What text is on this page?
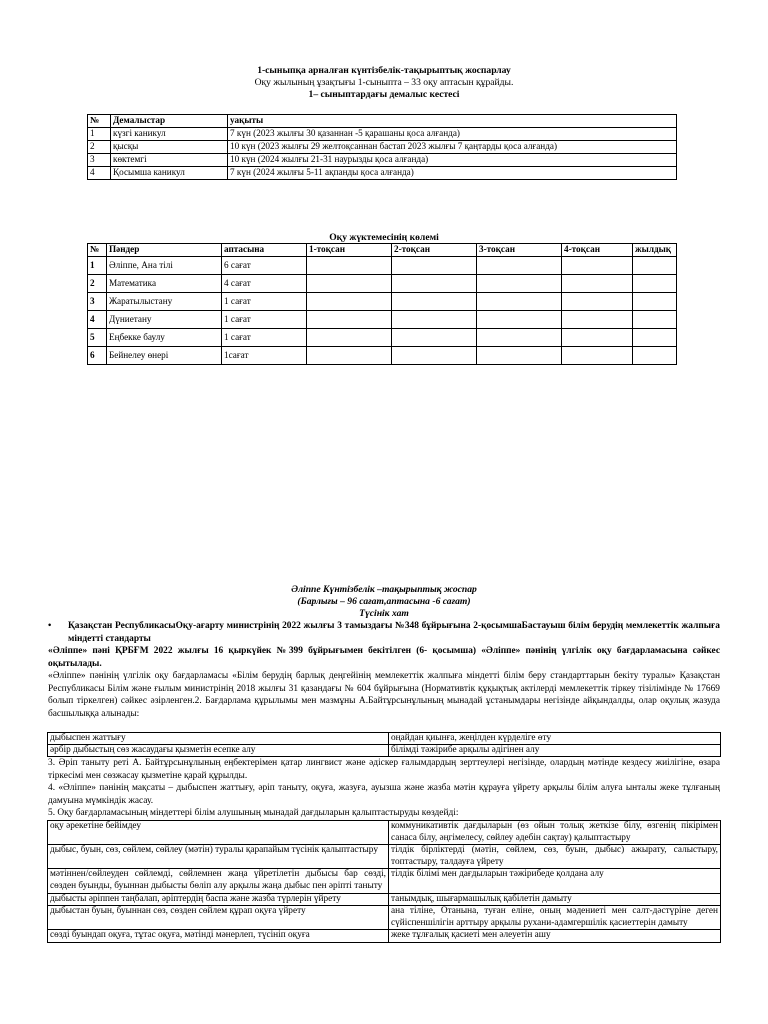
1-сыныпқа арналған күнтізбелік-тақырыптық жоспарлау
Оқу жылының ұзақтығы 1-сыныпта – 33 оқу аптасын құрайды.
1– сыныптардағы демалыс кестесі
№	Демалыстар	уақыты
1	күзгі каникул	7 күн (2023 жылғы 30 қазаннан -5 қарашаны қоса алғанда)
2	қысқы	10 күн (2023 жылғы 29 желтоқсаннан бастап 2023 жылғы 7 қаңтарды қоса алғанда)
3	көктемгі	10 күн (2024 жылғы 21-31 наурызды қоса алғанда)
4	Қосымша каникул	7 күн (2024 жылғы 5-11 ақпанды қоса алғанда)
Оқу жүктемесінің көлемі
№	Пәндер	аптасына	1-тоқсан	2-тоқсан	3-тоқсан	4-тоқсан	жылдық
1	Әліппе, Ана тілі	6 сағат					
2	Математика	4 сағат					
3	Жаратылыстану	1 сағат					
4	Дүниетану	1 сағат					
5	Еңбекке баулу	1 сағат					
6	Бейнелеу өнері	1сағат					
Әліппе Күнтізбелік –тақырыптық жоспар
(Барлығы – 96 сағат,аптасына -6 сағат)
Түсінік хат
• Қазақстан РеспубликасыОқу-ағарту министрінің 2022 жылғы 3 тамыздағы №348 бұйрығына 2-қосымшаБастауыш білім берудің мемлекеттік жалпыға міндетті стандарты
«Әліппе» пәні ҚРБҒМ 2022 жылғы 16 қыркүйек №399 бұйрығымен бекітілген (6- қосымша) «Әліппе» пәнінің үлгілік оқу бағдарламасына сәйкес оқытылады.
«Әліппе» пәнінің үлгілік оқу бағдарламасы «Білім берудің барлық деңгейінің мемлекеттік жалпыға міндетті білім беру стандарттарын бекіту туралы» Қазақстан Республикасы Білім және ғылым министрінің 2018 жылғы 31 қазандағы № 604 бұйрығына (Нормативтік құқықтық актілерді мемлекеттік тіркеу тізілімінде № 17669 болып тіркелген) сәйкес әзірленген.2. Бағдарлама құрылымы мен мазмұны А.Байтұрсынұлының мынадай ұстанымдары негізінде айқындалды, олар оқулық жазуда басшылыққа алынады:
дыбыспен жаттығу	оңайдан қиынға, жеңілден күрделіге өту
әрбір дыбыстың сөз жасаудағы қызметін есепке алу	білімді тәжірибе арқылы әдігінен алу
3. Әріп таныту реті А. Байтұрсынұлының еңбектерімен қатар лингвист және әдіскер ғалымдардың зерттеулері негізінде, олардың мәтінде кездесу жиілігіне, өзара тіркесімі мен сөзжасау қызметіне қарай құрылды.
4. «Әліппе» пәнінің мақсаты – дыбыспен жаттығу, әріп таныту, оқуға, жазуға, ауызша және жазба мәтін құрауға үйрету арқылы білім алуға ынталы жеке тұлғаның дамуына мүмкіндік жасау.
5. Оқу бағдарламасының міндеттері білім алушының мынадай дағдыларын қалыптастыруды көздейді:
оқу әрекетіне бейімдеу	коммуникативтік дағдыларын (өз ойын толық жеткізе білу, өзгенің пікірімен санаса білу, әңгімелесу, сөйлеу әдебін сақтау) қалыптастыру
дыбыс, буын, сөз, сөйлем, сөйлеу (мәтін) туралы қарапайым түсінік қалыптастыру	тілдік бірліктерді (мәтін, сөйлем, сөз, буын, дыбыс) ажырату, салыстыру, топтастыру, талдауға үйрету
мәтіннен/сөйлеуден сөйлемді, сөйлемнен жаңа үйретілетін дыбысы бар сөзді, сөзден буынды, буыннан дыбысты бөліп алу арқылы жаңа дыбыс пен әріпті таныту	тілдік білімі мен дағдыларын тәжірибеде қолдана алу
дыбысты әріппен таңбалап, әріптердің баспа және жазба түрлерін үйрету	танымдық, шығармашылық қабілетін дамыту
дыбыстан буын, буыннан сөз, сөзден сөйлем құрап оқуға үйрету	ана тіліне, Отанына, туған еліне, оның мәдениеті мен салт-дәстүріне деген сүйіспеншілігін арттыру арқылы рухани-адамгершілік қасиеттерін дамыту
сөзді буындап оқуға, тұтас оқуға, мәтінді мәнерлеп, түсініп оқуға	жеке тұлғалық қасиеті мен әлеуетін ашу
